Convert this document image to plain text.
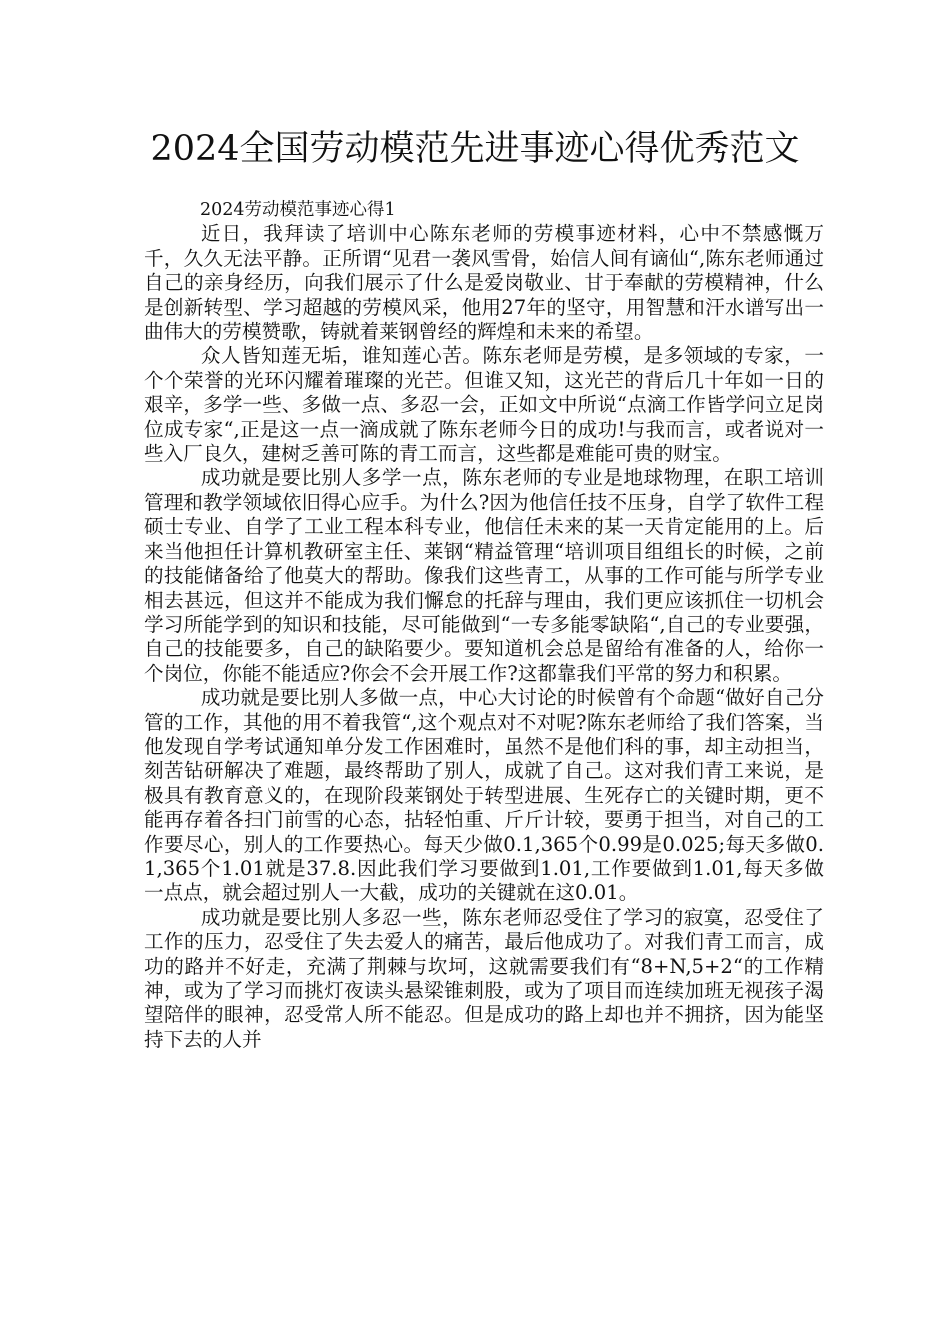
2024全国劳动模范先进事迹心得优秀范文

2024劳动模范事迹心得1

近日，我拜读了培训中心陈东老师的劳模事迹材料，心中不禁感慨万千，久久无法平静。正所谓“见君一袭风雪骨，始信人间有谪仙“,陈东老师通过自己的亲身经历，向我们展示了什么是爱岗敬业、甘于奉献的劳模精神，什么是创新转型、学习超越的劳模风采，他用27年的坚守，用智慧和汗水谱写出一曲伟大的劳模赞歌，铸就着莱钢曾经的辉煌和未来的希望。

众人皆知莲无垢，谁知莲心苦。陈东老师是劳模，是多领域的专家，一个个荣誉的光环闪耀着璀璨的光芒。但谁又知，这光芒的背后几十年如一日的艰辛，多学一些、多做一点、多忍一会，正如文中所说“点滴工作皆学问立足岗位成专家“,正是这一点一滴成就了陈东老师今日的成功!与我而言，或者说对一些入厂良久，建树乏善可陈的青工而言，这些都是难能可贵的财宝。

成功就是要比别人多学一点，陈东老师的专业是地球物理，在职工培训管理和教学领域依旧得心应手。为什么?因为他信任技不压身，自学了软件工程硕士专业、自学了工业工程本科专业，他信任未来的某一天肯定能用的上。后来当他担任计算机教研室主任、莱钢“精益管理“培训项目组组长的时候，之前的技能储备给了他莫大的帮助。像我们这些青工，从事的工作可能与所学专业相去甚远，但这并不能成为我们懈怠的托辞与理由，我们更应该抓住一切机会学习所能学到的知识和技能，尽可能做到“一专多能零缺陷“,自己的专业要强，自己的技能要多，自己的缺陷要少。要知道机会总是留给有准备的人，给你一个岗位，你能不能适应?你会不会开展工作?这都靠我们平常的努力和积累。

成功就是要比别人多做一点，中心大讨论的时候曾有个命题“做好自己分管的工作，其他的用不着我管“,这个观点对不对呢?陈东老师给了我们答案，当他发现自学考试通知单分发工作困难时，虽然不是他们科的事，却主动担当，刻苦钻研解决了难题，最终帮助了别人，成就了自己。这对我们青工来说，是极具有教育意义的，在现阶段莱钢处于转型进展、生死存亡的关键时期，更不能再存着各扫门前雪的心态，拈轻怕重、斤斤计较，要勇于担当，对自己的工作要尽心，别人的工作要热心。每天少做0.1,365个0.99是0.025;每天多做0.1,365个1.01就是37.8.因此我们学习要做到1.01,工作要做到1.01,每天多做一点点，就会超过别人一大截，成功的关键就在这0.01。

成功就是要比别人多忍一些，陈东老师忍受住了学习的寂寞，忍受住了工作的压力，忍受住了失去爱人的痛苦，最后他成功了。对我们青工而言，成功的路并不好走，充满了荆棘与坎坷，这就需要我们有“8+N,5+2“的工作精神，或为了学习而挑灯夜读头悬梁锥刺股，或为了项目而连续加班无视孩子渴望陪伴的眼神，忍受常人所不能忍。但是成功的路上却也并不拥挤，因为能坚持下去的人并
